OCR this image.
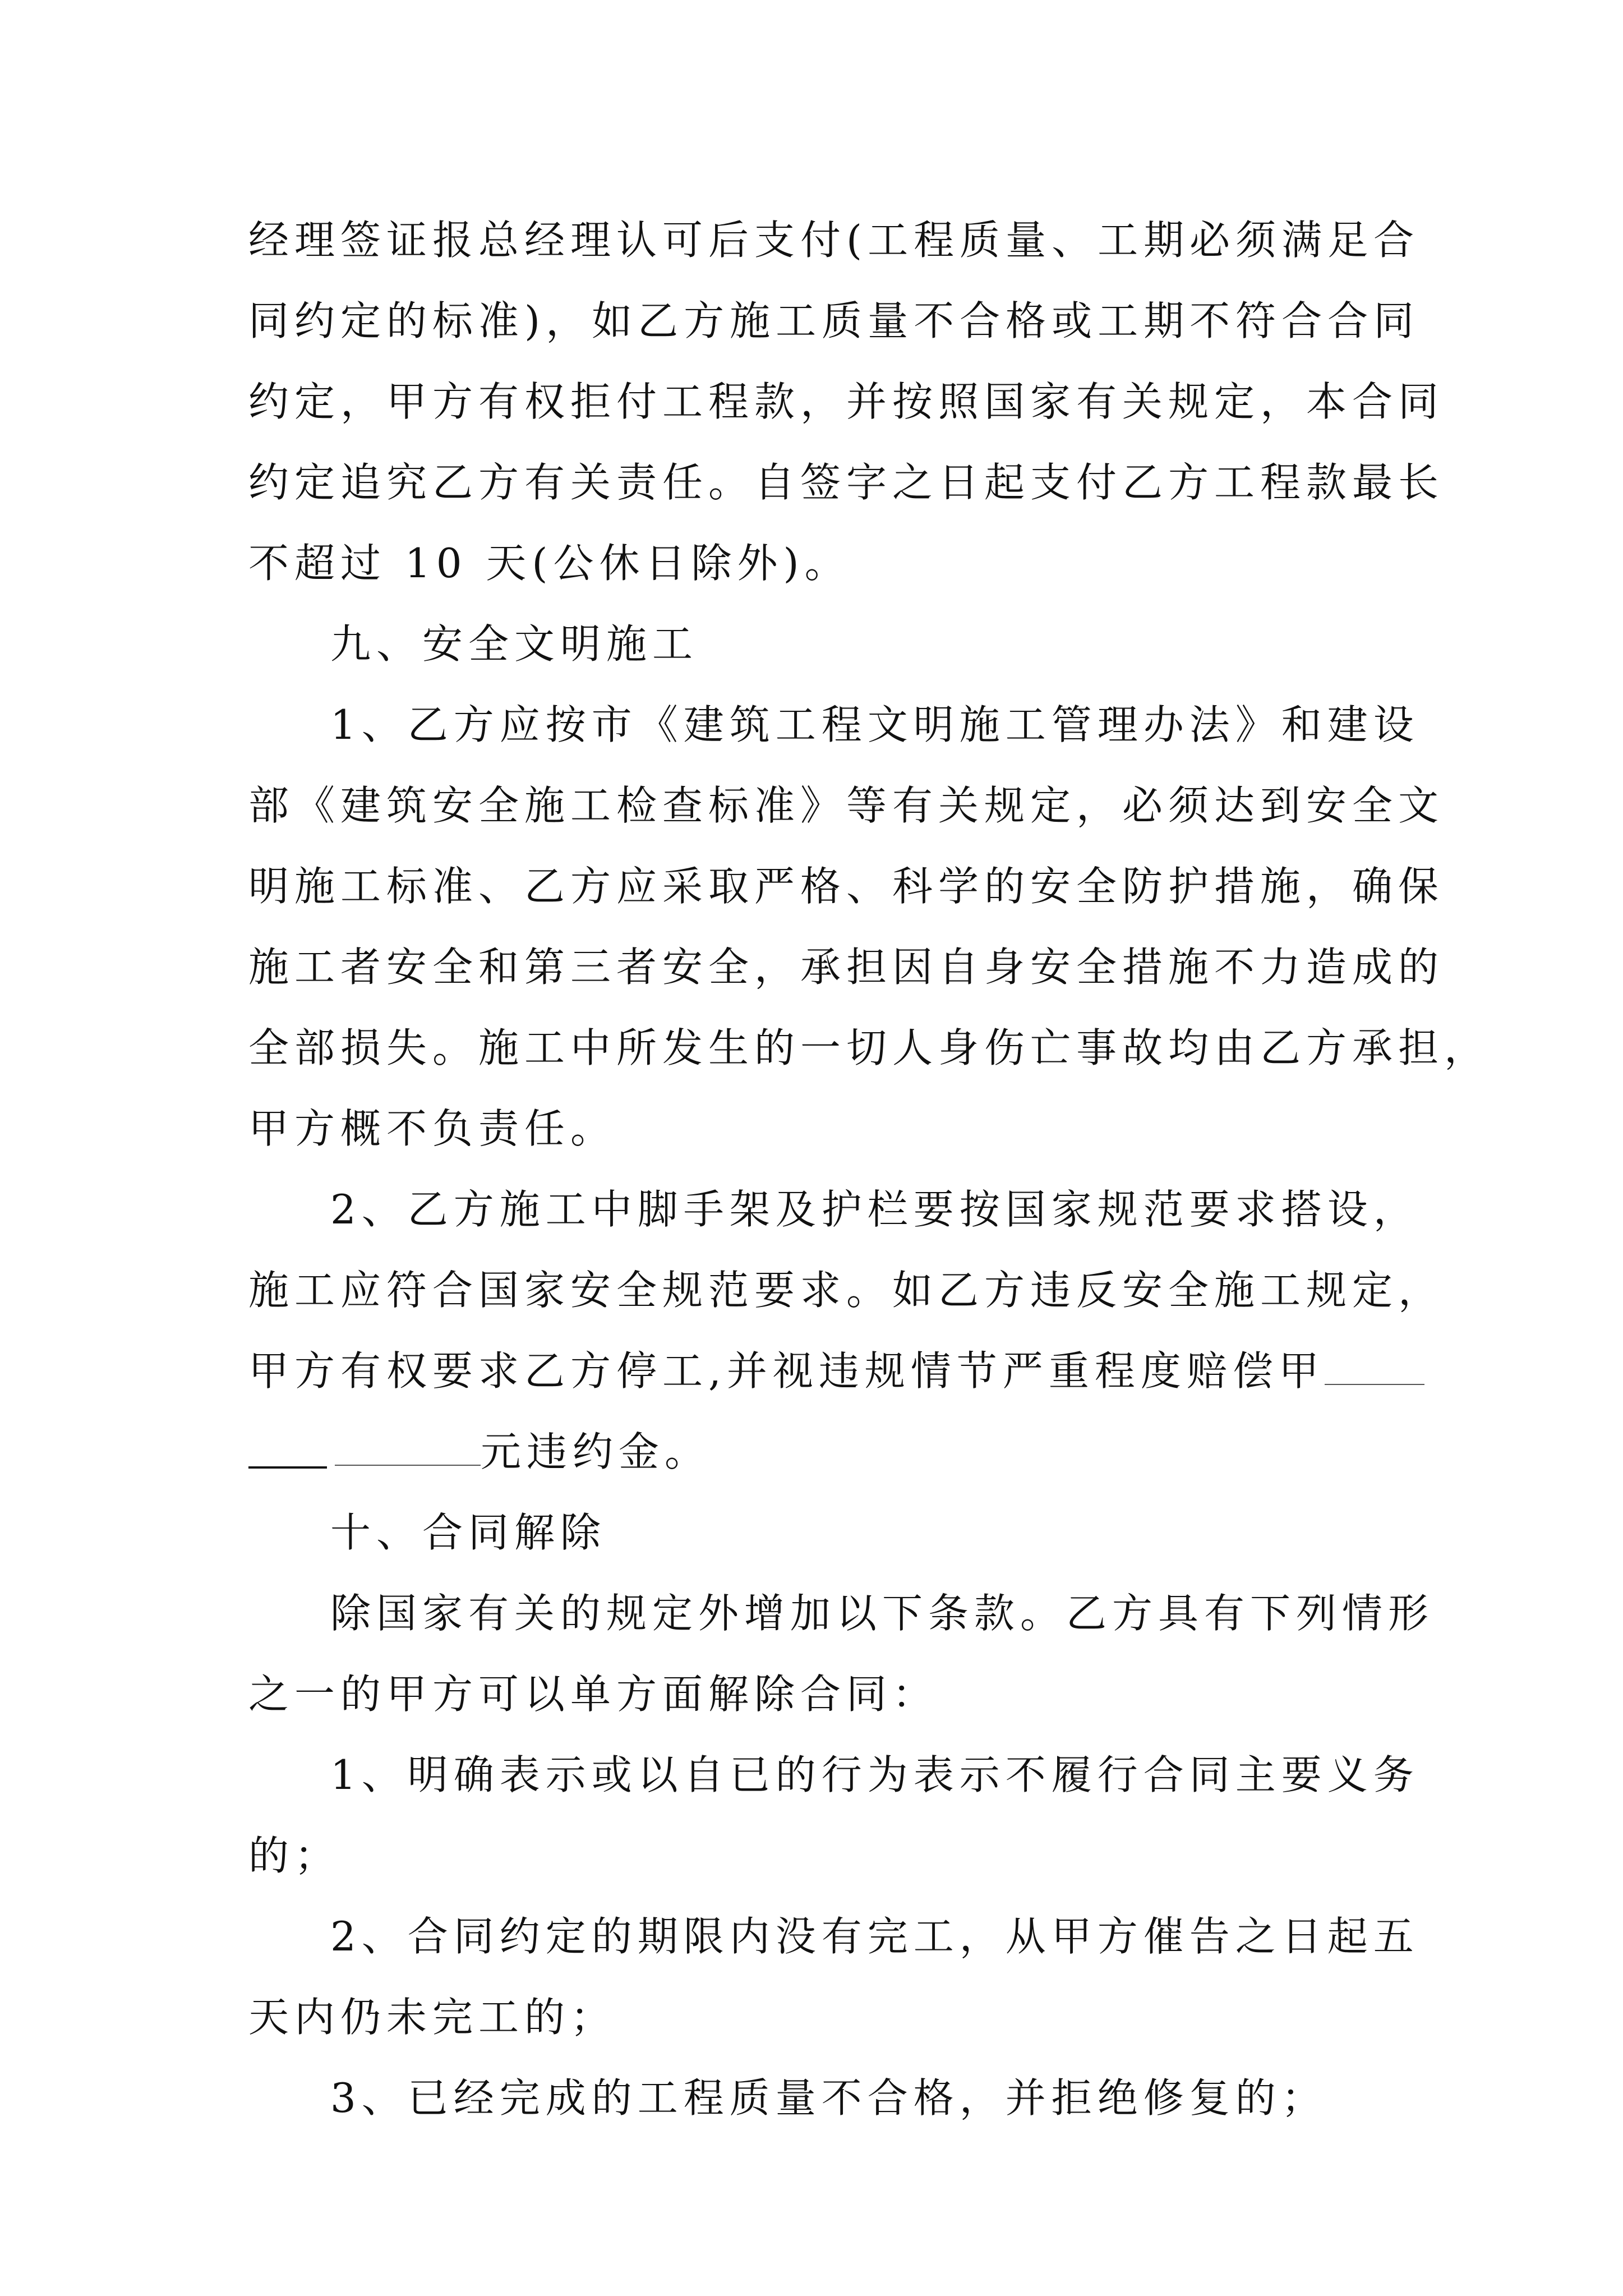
经理签证报总经理认可后支付(工程质量、工期必须满足合
同约定的标准)，如乙方施工质量不合格或工期不符合合同
约定，甲方有权拒付工程款，并按照国家有关规定，本合同
约定追究乙方有关责任。自签字之日起支付乙方工程款最长
不超过 10 天(公休日除外)。
九、安全文明施工
1、乙方应按市《建筑工程文明施工管理办法》和建设
部《建筑安全施工检查标准》等有关规定，必须达到安全文
明施工标准、乙方应采取严格、科学的安全防护措施，确保
施工者安全和第三者安全，承担因自身安全措施不力造成的
全部损失。施工中所发生的一切人身伤亡事故均由乙方承担，
甲方概不负责任。
2、乙方施工中脚手架及护栏要按国家规范要求搭设，
施工应符合国家安全规范要求。如乙方违反安全施工规定，
甲方有权要求乙方停工,并视违规情节严重程度赔偿甲
元违约金。
十、合同解除
除国家有关的规定外增加以下条款。乙方具有下列情形
之一的甲方可以单方面解除合同：
1、明确表示或以自已的行为表示不履行合同主要义务
的；
2、合同约定的期限内没有完工，从甲方催告之日起五
天内仍未完工的；
3、已经完成的工程质量不合格，并拒绝修复的；
